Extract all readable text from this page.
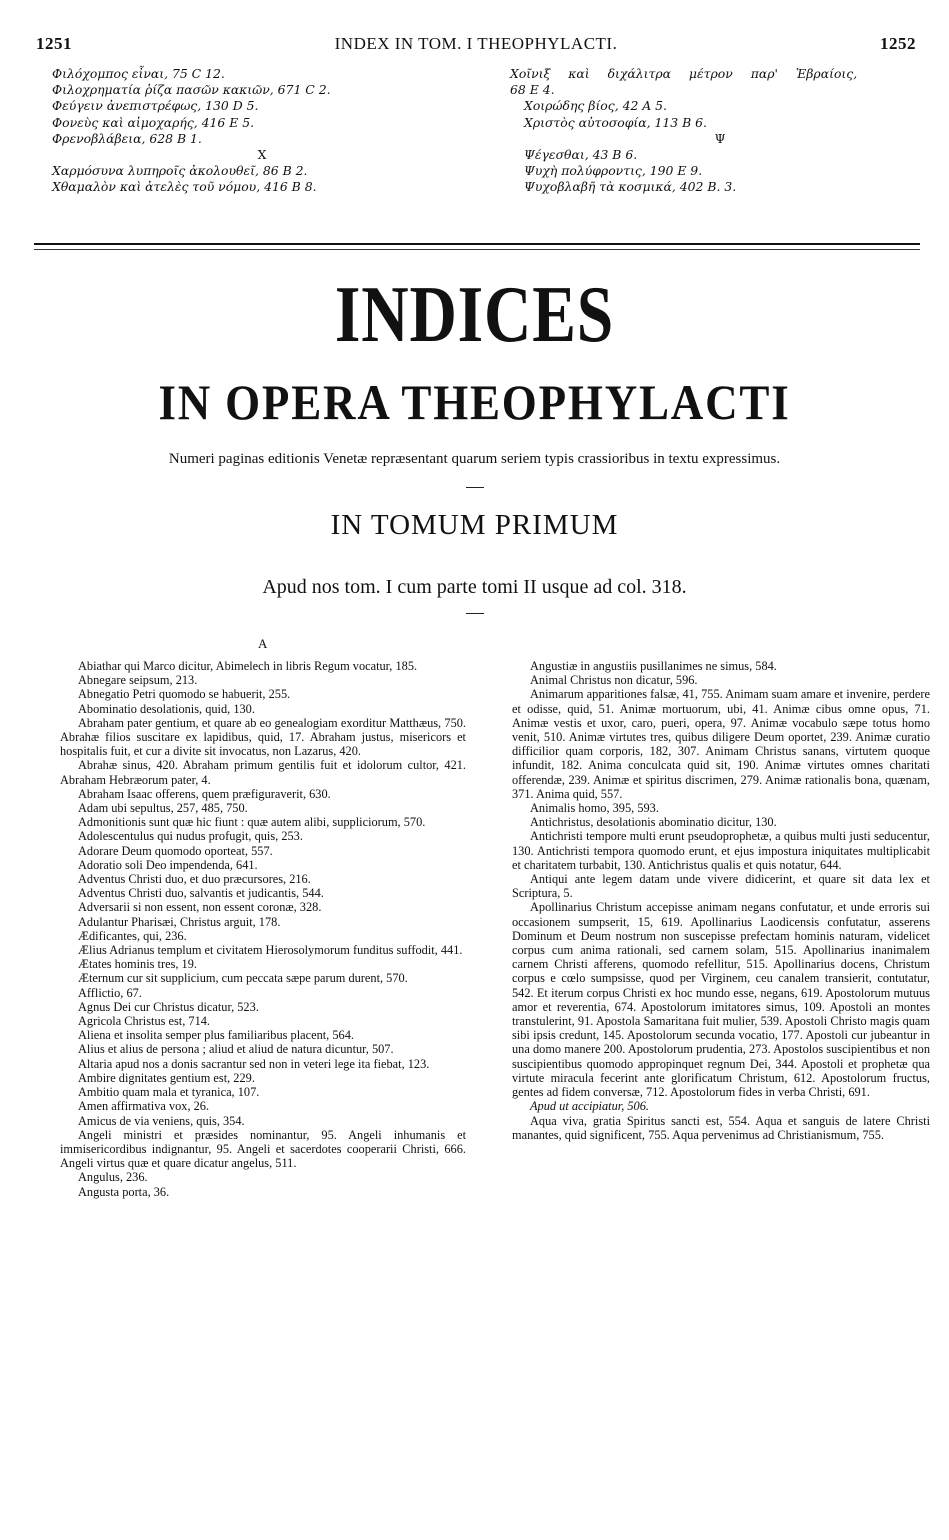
1251	INDEX IN TOM. I THEOPHYLACTI.	1252
Φιλόχομπος εἶναι, 75 C 12.
Φιλοχρηματία ῥίζα πασῶν κακιῶν, 671 C 2.
Φεύγειν ἀνεπιστρέφως, 130 D 5.
Φονεὺς καὶ αἱμοχαρής, 416 E 5.
Φρενοβλάβεια, 628 B 1.
X
Χαρμόσυνα λυπηροῖς ἀκολουθεῖ, 86 B 2.
Χθαμαλὸν καὶ ἀτελὲς τοῦ νόμου, 416 B 8.
Χοῖνιξ καὶ διχάλιτρα μέτρον παρ' Ἑβραίοις,
68 E 4.
Χοιρώδης βίος, 42 A 5.
Χριστὸς αὐτοσοφία, 113 B 6.
Ψ
Ψέγεσθαι, 43 B 6.
Ψυχὴ πολύφροντις, 190 E 9.
Ψυχοβλαβῆ τὰ κοσμικά, 402 B. 3.
INDICES
IN OPERA THEOPHYLACTI
Numeri paginas editionis Venetæ repræsentant quarum seriem typis crassioribus in textu expressimus.
IN TOMUM PRIMUM
Apud nos tom. I cum parte tomi II usque ad col. 318.
A

Abiathar qui Marco dicitur, Abimelech in libris Regum vocatur, 185.

Abnegare seipsum, 213.

Abnegatio Petri quomodo se habuerit, 255.

Abominatio desolationis, quid, 130.

Abraham pater gentium, et quare ab eo genealogiam exorditur Matthæus, 750. Abrahæ filios suscitare ex lapidibus, quid, 17. Abraham justus, misericors et hospitalis fuit, et cur a divite sit invocatus, non Lazarus, 420.

Abrahæ sinus, 420. Abraham primum gentilis fuit et idolorum cultor, 421. Abraham Hebræorum pater, 4.

Abraham Isaac offerens, quem præfiguraverit, 630.

Adam ubi sepultus, 257, 485, 750.

Admonitionis sunt quæ hic fiunt : quæ autem alibi, suppliciorum, 570.

Adolescentulus qui nudus profugit, quis, 253.

Adorare Deum quomodo oporteat, 557.

Adoratio soli Deo impendenda, 641.

Adventus Christi duo, et duo præcursores, 216.

Adventus Christi duo, salvantis et judicantis, 544.

Adversarii si non essent, non essent coronæ, 328.

Adulantur Pharisæi, Christus arguit, 178.

Ædificantes, qui, 236.

Ælius Adrianus templum et civitatem Hierosolymorum funditus suffodit, 441.

Ætates hominis tres, 19.

Æternum cur sit supplicium, cum peccata sæpe parum durent, 570.

Afflictio, 67.

Agnus Dei cur Christus dicatur, 523.

Agricola Christus est, 714.

Aliena et insolita semper plus familiaribus placent, 564.

Alius et alius de persona ; aliud et aliud de natura dicuntur, 507.

Altaria apud nos a donis sacrantur sed non in veteri lege ita fiebat, 123.

Ambire dignitates gentium est, 229.

Ambitio quam mala et tyranica, 107.

Amen affirmativa vox, 26.

Amicus de via veniens, quis, 354.

Angeli ministri et præsides nominantur, 95. Angeli inhumanis et immisericordibus indignantur, 95. Angeli et sacerdotes cooperarii Christi, 666. Angeli virtus quæ et quare dicatur angelus, 511.

Angulus, 236.

Angusta porta, 36.

Angustiæ in angustiis pusillanimes ne simus, 584.

Animal Christus non dicatur, 596.

Animarum apparitiones falsæ, 41, 755. Animam suam amare et invenire, perdere et odisse, quid, 51. Animæ mortuorum, ubi, 41. Animæ cibus omne opus, 71. Animæ vestis et uxor, caro, pueri, opera, 97. Animæ vocabulo sæpe totus homo venit, 510. Animæ virtutes tres, quibus diligere Deum oportet, 239. Animæ curatio difficilior quam corporis, 182, 307. Animam Christus sanans, virtutem quoque infundit, 182. Anima conculcata quid sit, 190. Animæ virtutes omnes charitati offerendæ, 239. Animæ et spiritus discrimen, 279. Animæ rationalis bona, quænam, 371. Anima quid, 557.

Animalis homo, 395, 593.

Antichristus, desolationis abominatio dicitur, 130.

Antichristi tempore multi erunt pseudoprophetæ, a quibus multi justi seducentur, 130. Antichristi tempora quomodo erunt, et ejus impostura iniquitates multiplicabit et charitatem turbabit, 130. Antichristus qualis et quis notatur, 644.

Antiqui ante legem datam unde vivere didicerint, et quare sit data lex et Scriptura, 5.

Apollinarius Christum accepisse animam negans confutatur, et unde erroris sui occasionem sumpserit, 15, 619. Apollinarius Laodicensis confutatur, asserens Dominum et Deum nostrum non suscepisse prefectam hominis naturam, videlicet corpus cum anima rationali, sed carnem solam, 515. Apollinarius inanimalem carnem Christi afferens, quomodo refellitur, 515. Apollinarius docens, Christum corpus e cœlo sumpsisse, quod per Virginem, ceu canalem transierit, contutatur, 542. Et iterum corpus Christi ex hoc mundo esse, negans, 619. Apostolorum mutuus amor et reverentia, 674. Apostolorum imitatores simus, 109. Apostoli an montes transtulerint, 91. Apostola Samaritana fuit mulier, 539. Apostoli Christo magis quam sibi ipsis credunt, 145. Apostolorum secunda vocatio, 177. Apostoli cur jubeantur in una domo manere 200. Apostolorum prudentia, 273. Apostolos suscipientibus et non suscipientibus quomodo appropinquet regnum Dei, 344. Apostoli et prophetæ qua virtute miracula fecerint ante glorificatum Christum, 612. Apostolorum fructus, gentes ad fidem conversæ, 712. Apostolorum fides in verba Christi, 691.

Apud ut accipiatur, 506.

Aqua viva, gratia Spiritus sancti est, 554. Aqua et sanguis de latere Christi manantes, quid significent, 755. Aqua pervenimus ad Christianismum, 755.
